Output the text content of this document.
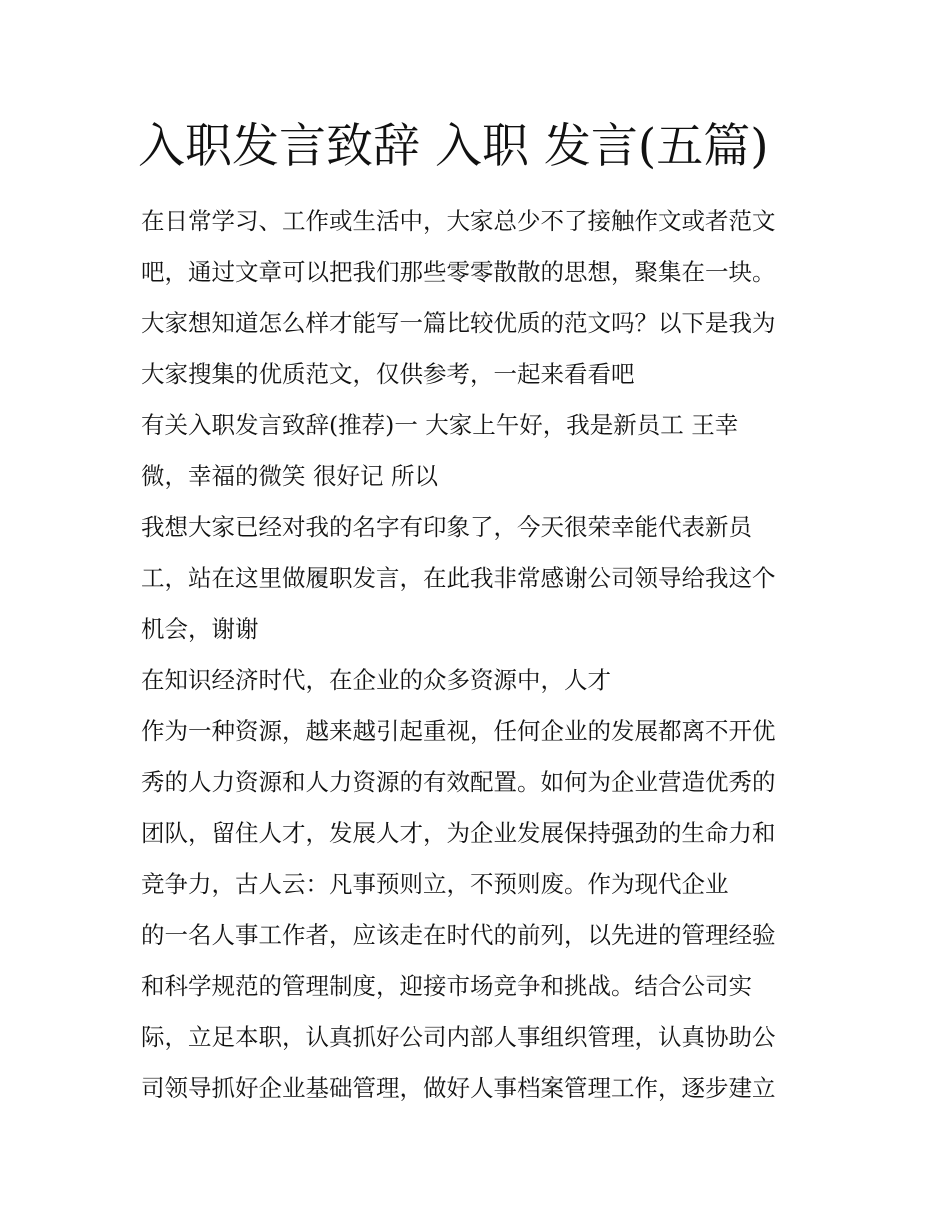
入职发言致辞 入职 发言(五篇)
在日常学习、工作或生活中，大家总少不了接触作文或者范文
吧，通过文章可以把我们那些零零散散的思想，聚集在一块。
大家想知道怎么样才能写一篇比较优质的范文吗？以下是我为
大家搜集的优质范文，仅供参考，一起来看看吧
有关入职发言致辞(推荐)一 大家上午好，我是新员工 王幸
微，幸福的微笑 很好记 所以
我想大家已经对我的名字有印象了，今天很荣幸能代表新员
工，站在这里做履职发言，在此我非常感谢公司领导给我这个
机会，谢谢
在知识经济时代，在企业的众多资源中，人才
作为一种资源，越来越引起重视，任何企业的发展都离不开优
秀的人力资源和人力资源的有效配置。如何为企业营造优秀的
团队，留住人才，发展人才，为企业发展保持强劲的生命力和
竞争力，古人云：凡事预则立，不预则废。作为现代企业
的一名人事工作者，应该走在时代的前列，以先进的管理经验
和科学规范的管理制度，迎接市场竞争和挑战。结合公司实
际，立足本职，认真抓好公司内部人事组织管理，认真协助公
司领导抓好企业基础管理，做好人事档案管理工作，逐步建立
